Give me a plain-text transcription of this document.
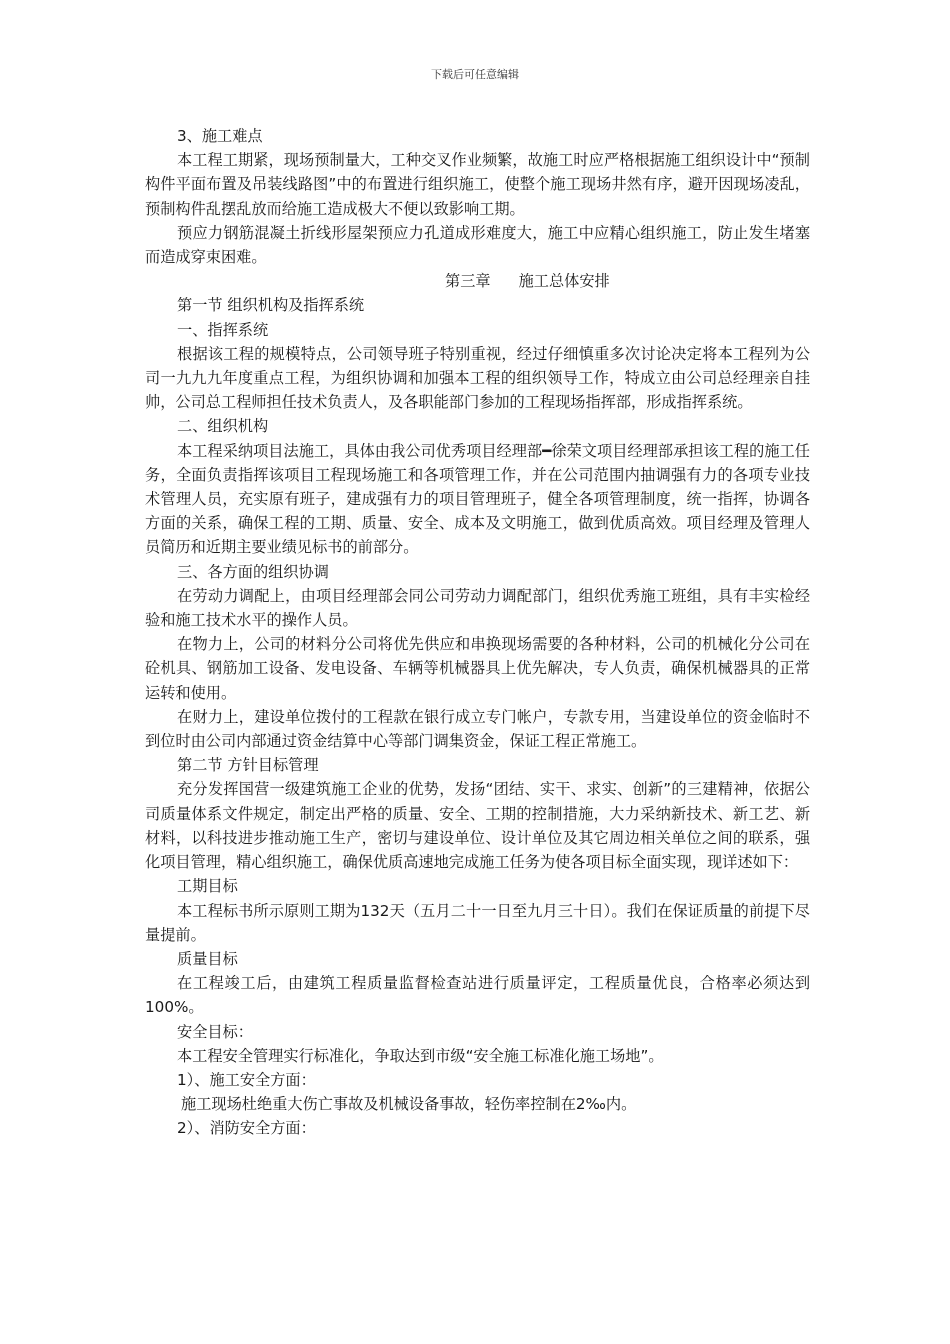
下载后可任意编辑

3、施工难点

本工程工期紧，现场预制量大，工种交叉作业频繁，故施工时应严格根据施工组织设计中“预制构件平面布置及吊装线路图”中的布置进行组织施工，使整个施工现场井然有序，避开因现场凌乱，预制构件乱摆乱放而给施工造成极大不便以致影响工期。

预应力钢筋混凝土折线形屋架预应力孔道成形难度大，施工中应精心组织施工，防止发生堵塞而造成穿束困难。

第三章 施工总体安排

第一节 组织机构及指挥系统

一、指挥系统

根据该工程的规模特点，公司领导班子特别重视，经过仔细慎重多次讨论决定将本工程列为公司一九九九年度重点工程，为组织协调和加强本工程的组织领导工作，特成立由公司总经理亲自挂帅，公司总工程师担任技术负责人，及各职能部门参加的工程现场指挥部，形成指挥系统。

二、组织机构

本工程采纳项目法施工，具体由我公司优秀项目经理部━徐荣文项目经理部承担该工程的施工任务，全面负责指挥该项目工程现场施工和各项管理工作，并在公司范围内抽调强有力的各项专业技术管理人员，充实原有班子，建成强有力的项目管理班子，健全各项管理制度，统一指挥，协调各方面的关系，确保工程的工期、质量、安全、成本及文明施工，做到优质高效。项目经理及管理人员简历和近期主要业绩见标书的前部分。

三、各方面的组织协调

在劳动力调配上，由项目经理部会同公司劳动力调配部门，组织优秀施工班组，具有丰实检经验和施工技术水平的操作人员。

在物力上，公司的材料分公司将优先供应和串换现场需要的各种材料，公司的机械化分公司在砼机具、钢筋加工设备、发电设备、车辆等机械器具上优先解决，专人负责，确保机械器具的正常运转和使用。

在财力上，建设单位拨付的工程款在银行成立专门帐户，专款专用，当建设单位的资金临时不到位时由公司内部通过资金结算中心等部门调集资金，保证工程正常施工。

第二节 方针目标管理

充分发挥国营一级建筑施工企业的优势，发扬“团结、实干、求实、创新”的三建精神，依据公司质量体系文件规定，制定出严格的质量、安全、工期的控制措施，大力采纳新技术、新工艺、新材料，以科技进步推动施工生产，密切与建设单位、设计单位及其它周边相关单位之间的联系，强化项目管理，精心组织施工，确保优质高速地完成施工任务为使各项目标全面实现，现详述如下：

工期目标

本工程标书所示原则工期为132天（五月二十一日至九月三十日）。我们在保证质量的前提下尽量提前。

质量目标

在工程竣工后，由建筑工程质量监督检查站进行质量评定，工程质量优良，合格率必须达到100%。

安全目标：

本工程安全管理实行标准化，争取达到市级“安全施工标准化施工场地”。

1）、施工安全方面：

施工现场杜绝重大伤亡事故及机械设备事故，轻伤率控制在2‰内。

2）、消防安全方面：
